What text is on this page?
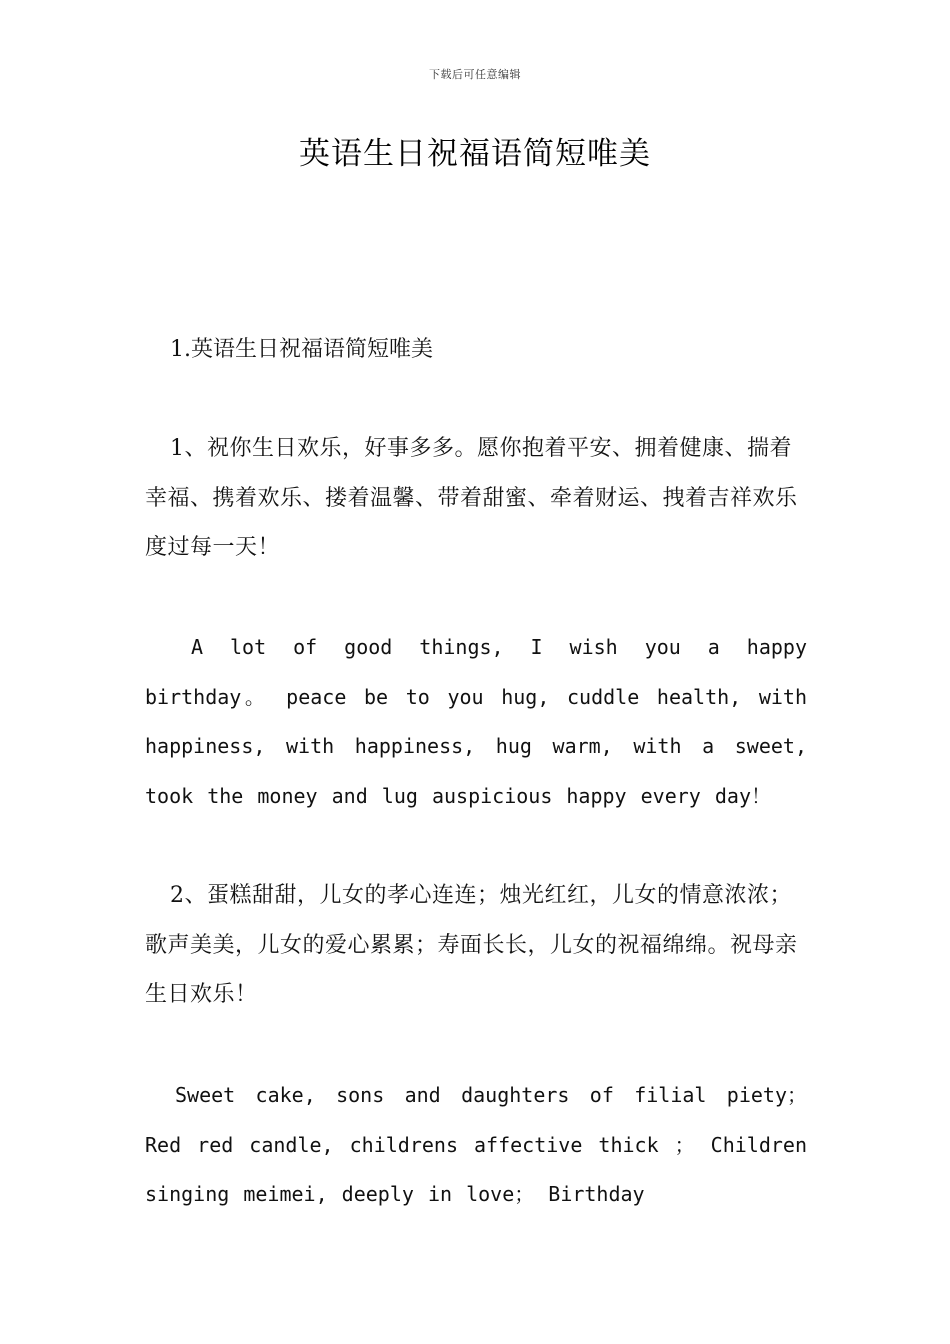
下载后可任意编辑
英语生日祝福语简短唯美
1.英语生日祝福语简短唯美

1、祝你生日欢乐，好事多多。愿你抱着平安、拥着健康、揣着幸福、携着欢乐、搂着温馨、带着甜蜜、牵着财运、拽着吉祥欢乐度过每一天！

A lot of good things, I wish you a happy birthday。 peace be to you hug, cuddle health, with happiness, with happiness, hug warm, with a sweet, took the money and lug auspicious happy every day！

2、蛋糕甜甜，儿女的孝心连连；烛光红红，儿女的情意浓浓；歌声美美，儿女的爱心累累；寿面长长，儿女的祝福绵绵。祝母亲生日欢乐！

Sweet cake, sons and daughters of filial piety； Red red candle, childrens affective thick ； Children singing meimei, deeply in love； Birthday
